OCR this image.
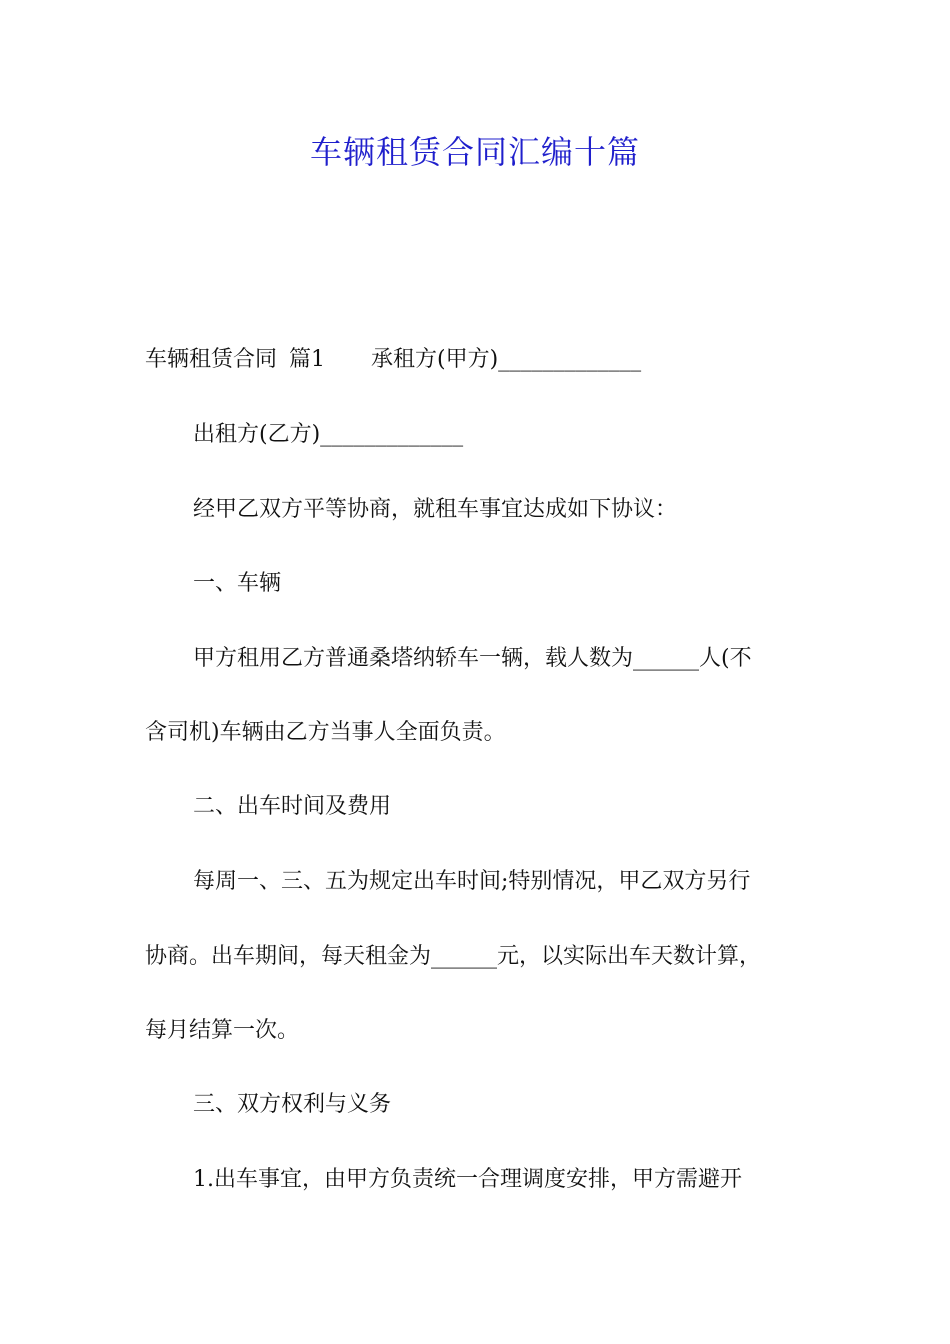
车辆租赁合同汇编十篇
车辆租赁合同 篇1 承租方(甲方)_____________
出租方(乙方)_____________
经甲乙双方平等协商，就租车事宜达成如下协议：
一、车辆
甲方租用乙方普通桑塔纳轿车一辆，载人数为______人(不
含司机)车辆由乙方当事人全面负责。
二、出车时间及费用
每周一、三、五为规定出车时间;特别情况，甲乙双方另行
协商。出车期间，每天租金为______元，以实际出车天数计算，
每月结算一次。
三、双方权利与义务
1.出车事宜，由甲方负责统一合理调度安排，甲方需避开
